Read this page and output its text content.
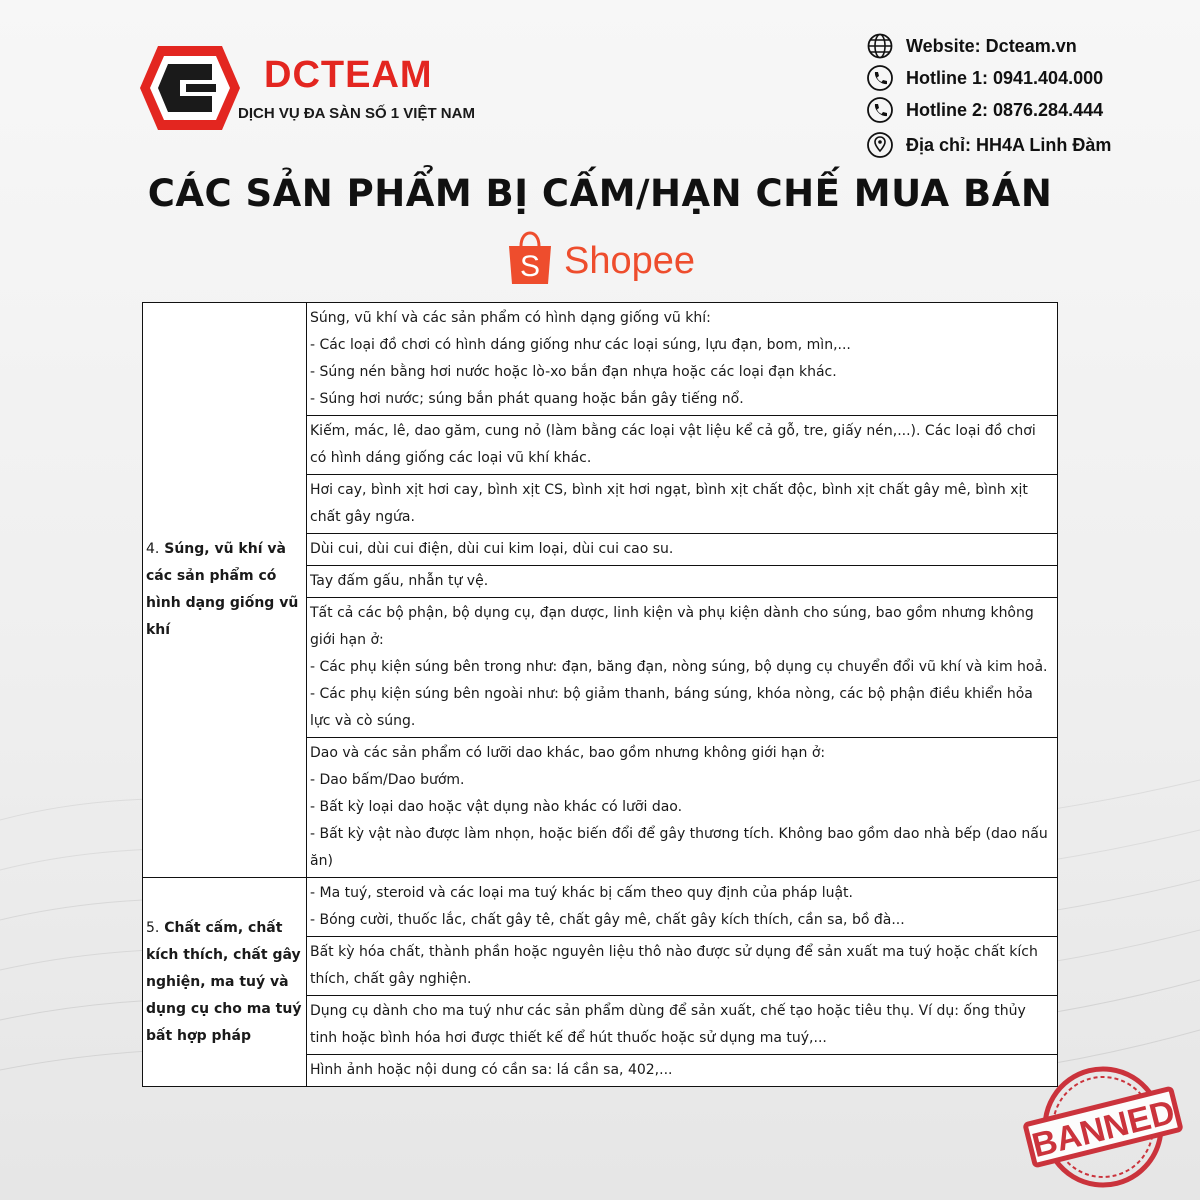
DCTEAM
DỊCH VỤ ĐA SÀN SỐ 1 VIỆT NAM
Website: Dcteam.vn
Hotline 1: 0941.404.000
Hotline 2: 0876.284.444
Địa chỉ: HH4A Linh Đàm
CÁC SẢN PHẨM BỊ CẤM/HẠN CHẾ MUA BÁN
S Shopee
4. Súng, vũ khí và các sản phẩm có hình dạng giống vũ khí	Súng, vũ khí và các sản phẩm có hình dạng giống vũ khí:
- Các loại đồ chơi có hình dáng giống như các loại súng, lựu đạn, bom, mìn,...
- Súng nén bằng hơi nước hoặc lò-xo bắn đạn nhựa hoặc các loại đạn khác.
- Súng hơi nước; súng bắn phát quang hoặc bắn gây tiếng nổ.

	Kiếm, mác, lê, dao găm, cung nỏ (làm bằng các loại vật liệu kể cả gỗ, tre, giấy nén,...). Các loại đồ chơi có hình dáng giống các loại vũ khí khác.

	Hơi cay, bình xịt hơi cay, bình xịt CS, bình xịt hơi ngạt, bình xịt chất độc, bình xịt chất gây mê, bình xịt chất gây ngứa.

	Dùi cui, dùi cui điện, dùi cui kim loại, dùi cui cao su.

	Tay đấm gấu, nhẫn tự vệ.

	Tất cả các bộ phận, bộ dụng cụ, đạn dược, linh kiện và phụ kiện dành cho súng, bao gồm nhưng không giới hạn ở:
- Các phụ kiện súng bên trong như: đạn, băng đạn, nòng súng, bộ dụng cụ chuyển đổi vũ khí và kim hoả.
- Các phụ kiện súng bên ngoài như: bộ giảm thanh, báng súng, khóa nòng, các bộ phận điều khiển hỏa lực và cò súng.

	Dao và các sản phẩm có lưỡi dao khác, bao gồm nhưng không giới hạn ở:
- Dao bấm/Dao bướm.
- Bất kỳ loại dao hoặc vật dụng nào khác có lưỡi dao.
- Bất kỳ vật nào được làm nhọn, hoặc biến đổi để gây thương tích. Không bao gồm dao nhà bếp (dao nấu ăn)

5. Chất cấm, chất kích thích, chất gây nghiện, ma tuý và dụng cụ cho ma tuý bất hợp pháp	- Ma tuý, steroid và các loại ma tuý khác bị cấm theo quy định của pháp luật.
- Bóng cười, thuốc lắc, chất gây tê, chất gây mê, chất gây kích thích, cần sa, bồ đà...

	Bất kỳ hóa chất, thành phần hoặc nguyên liệu thô nào được sử dụng để sản xuất ma tuý hoặc chất kích thích, chất gây nghiện.

	Dụng cụ dành cho ma tuý như các sản phẩm dùng để sản xuất, chế tạo hoặc tiêu thụ. Ví dụ: ống thủy tinh hoặc bình hóa hơi được thiết kế để hút thuốc hoặc sử dụng ma tuý,...

	Hình ảnh hoặc nội dung có cần sa: lá cần sa, 402,...
BANNED
